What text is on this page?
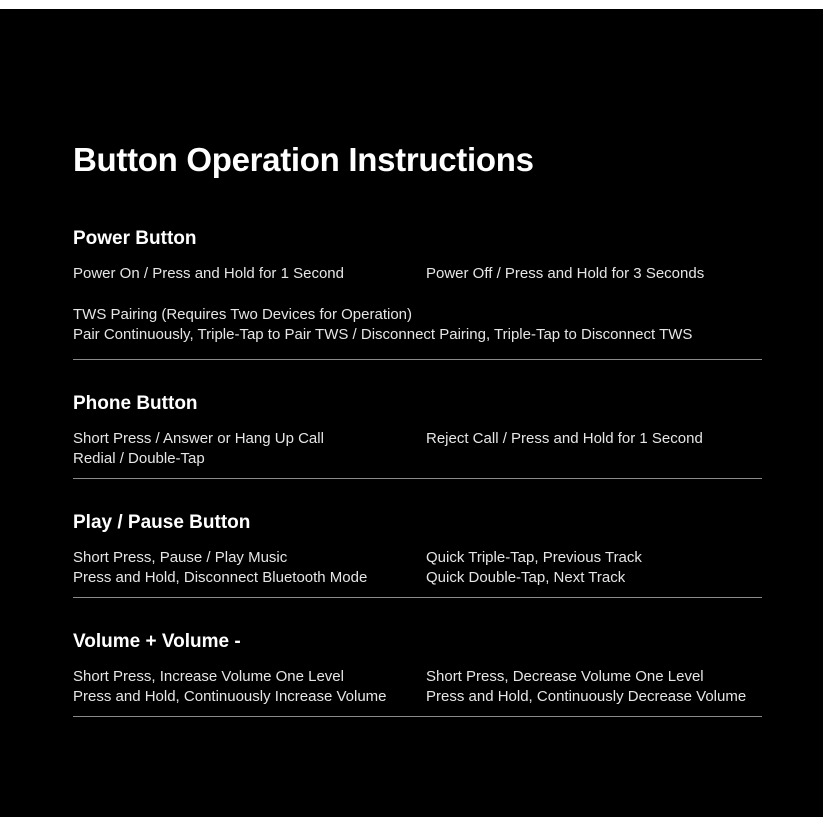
Button Operation Instructions
Power Button

Power On / Press and Hold for 1 Second	Power Off / Press and Hold for 3 Seconds

TWS Pairing (Requires Two Devices for Operation)

Pair Continuously, Triple-Tap to Pair TWS / Disconnect Pairing, Triple-Tap to Disconnect TWS

Phone Button

Short Press / Answer or Hang Up Call	Reject Call / Press and Hold for 1 Second

Redial / Double-Tap

Play / Pause Button

Short Press, Pause / Play Music	Quick Triple-Tap, Previous Track

Press and Hold, Disconnect Bluetooth Mode	Quick Double-Tap, Next Track

Volume + Volume -

Short Press, Increase Volume One Level	Short Press, Decrease Volume One Level

Press and Hold, Continuously Increase Volume	Press and Hold, Continuously Decrease Volume
